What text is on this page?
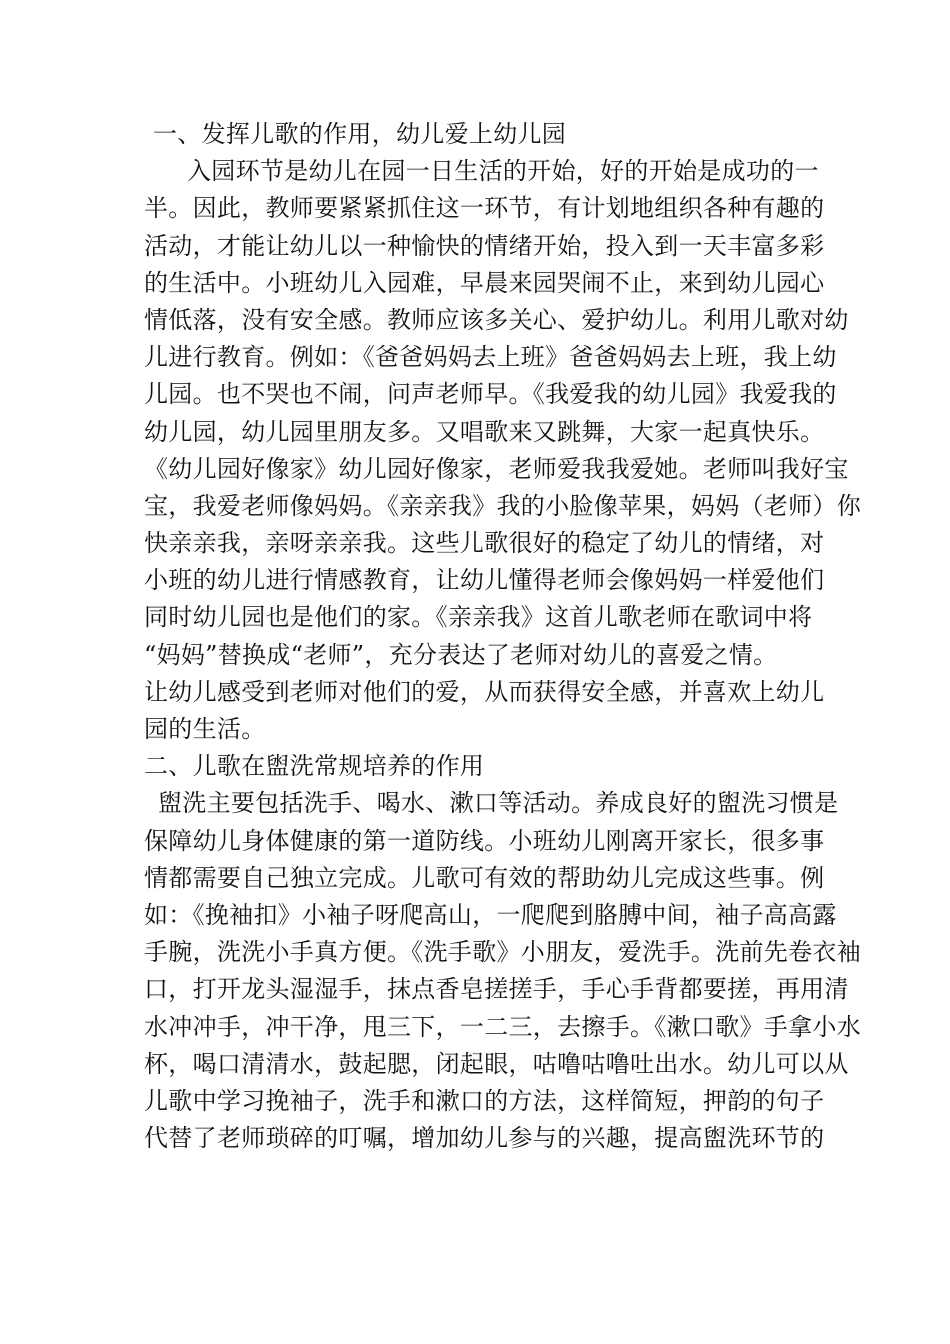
一、发挥儿歌的作用，幼儿爱上幼儿园
入园环节是幼儿在园一日生活的开始，好的开始是成功的一
半。因此，教师要紧紧抓住这一环节，有计划地组织各种有趣的
活动，才能让幼儿以一种愉快的情绪开始，投入到一天丰富多彩
的生活中。小班幼儿入园难，早晨来园哭闹不止，来到幼儿园心
情低落，没有安全感。教师应该多关心、爱护幼儿。利用儿歌对幼
儿进行教育。例如：《爸爸妈妈去上班》爸爸妈妈去上班，我上幼
儿园。也不哭也不闹，问声老师早。《我爱我的幼儿园》我爱我的
幼儿园，幼儿园里朋友多。又唱歌来又跳舞，大家一起真快乐。
《幼儿园好像家》幼儿园好像家，老师爱我我爱她。老师叫我好宝
宝，我爱老师像妈妈。《亲亲我》我的小脸像苹果，妈妈（老师）你
快亲亲我，亲呀亲亲我。这些儿歌很好的稳定了幼儿的情绪，对
小班的幼儿进行情感教育，让幼儿懂得老师会像妈妈一样爱他们
同时幼儿园也是他们的家。《亲亲我》这首儿歌老师在歌词中将
“妈妈”替换成“老师”，充分表达了老师对幼儿的喜爱之情。
让幼儿感受到老师对他们的爱，从而获得安全感，并喜欢上幼儿
园的生活。
二、儿歌在盥洗常规培养的作用
盥洗主要包括洗手、喝水、漱口等活动。养成良好的盥洗习惯是
保障幼儿身体健康的第一道防线。小班幼儿刚离开家长，很多事
情都需要自己独立完成。儿歌可有效的帮助幼儿完成这些事。例
如：《挽袖扣》小袖子呀爬高山，一爬爬到胳膊中间，袖子高高露
手腕，洗洗小手真方便。《洗手歌》小朋友，爱洗手。洗前先卷衣袖
口，打开龙头湿湿手，抹点香皂搓搓手，手心手背都要搓，再用清
水冲冲手，冲干净，甩三下，一二三，去擦手。《漱口歌》手拿小水
杯，喝口清清水，鼓起腮，闭起眼，咕噜咕噜吐出水。幼儿可以从
儿歌中学习挽袖子，洗手和漱口的方法，这样简短，押韵的句子
代替了老师琐碎的叮嘱，增加幼儿参与的兴趣，提高盥洗环节的
